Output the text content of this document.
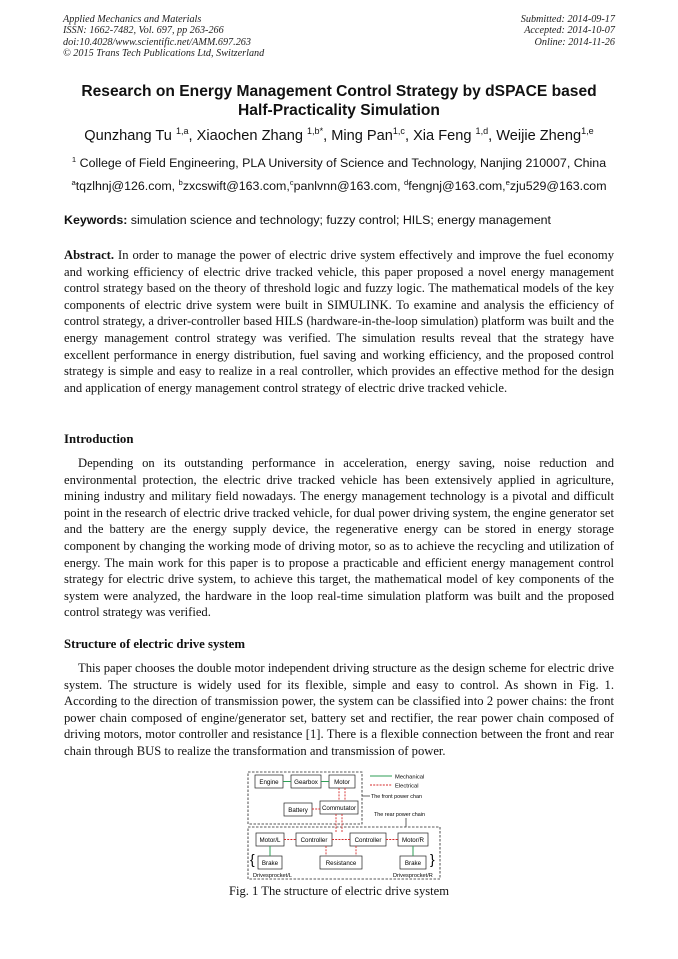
Applied Mechanics and Materials
ISSN: 1662-7482, Vol. 697, pp 263-266
doi:10.4028/www.scientific.net/AMM.697.263
© 2015 Trans Tech Publications Ltd, Switzerland
Submitted: 2014-09-17
Accepted: 2014-10-07
Online: 2014-11-26
Research on Energy Management Control Strategy by dSPACE based
Half-Practicality Simulation
Qunzhang Tu $^{1,a}$, Xiaochen Zhang $^{1,b*}$, Ming Pan$^{1,c}$, Xia Feng $^{1,d}$, Weijie Zheng$^{1,e}$
$^1$ College of Field Engineering, PLA University of Science and Technology, Nanjing 210007, China
$^a$tqzlhnj@126.com, $^b$zxcswift@163.com,$^c$panlvnn@163.com, $^d$fengnj@163.com,$^e$zju529@163.com
Keywords: simulation science and technology; fuzzy control; HILS; energy management
Abstract. In order to manage the power of electric drive system effectively and improve the fuel economy and working efficiency of electric drive tracked vehicle, this paper proposed a novel energy management control strategy based on the theory of threshold logic and fuzzy logic. The mathematical models of the key components of electric drive system were built in SIMULINK. To examine and analysis the efficiency of control strategy, a driver-controller based HILS (hardware-in-the-loop simulation) platform was built and the energy management control strategy was verified. The simulation results reveal that the strategy have excellent performance in energy distribution, fuel saving and working efficiency, and the proposed control strategy is simple and easy to realize in a real controller, which provides an effective method for the design and application of energy management control strategy of electric drive tracked vehicle.
Introduction
Depending on its outstanding performance in acceleration, energy saving, noise reduction and environmental protection, the electric drive tracked vehicle has been extensively applied in agriculture, mining industry and military field nowadays. The energy management technology is a pivotal and difficult point in the research of electric drive tracked vehicle, for dual power driving system, the engine generator set and the battery are the energy supply device, the regenerative energy can be stored in energy storage component by changing the working mode of driving motor, so as to achieve the recycling and utilization of energy. The main work for this paper is to propose a practicable and efficient energy management control strategy for electric drive system, to achieve this target, the mathematical model of key components of the system were analyzed, the hardware in the loop real-time simulation platform was built and the proposed control strategy was verified.
Structure of electric drive system
This paper chooses the double motor independent driving structure as the design scheme for electric drive system. The structure is widely used for its flexible, simple and easy to control. As shown in Fig. 1. According to the direction of transmission power, the system can be classified into 2 power chains: the front power chain composed of engine/generator set, battery set and rectifier, the rear power chain composed of driving motors, motor controller and resistance [1]. There is a flexible connection between the front and rear chain through BUS to realize the transformation and transmission of power.
Engine Gearbox	Motor
Battery Commutator
Mechanical
Electrical
The front power chan
The rear power chain
Motor/L	Controller	Controller	Motor/R
Brake	Resistance	Brake
{	}
Drivesprocket/L	Drivesprocket/R
Fig. 1 The structure of electric drive system
